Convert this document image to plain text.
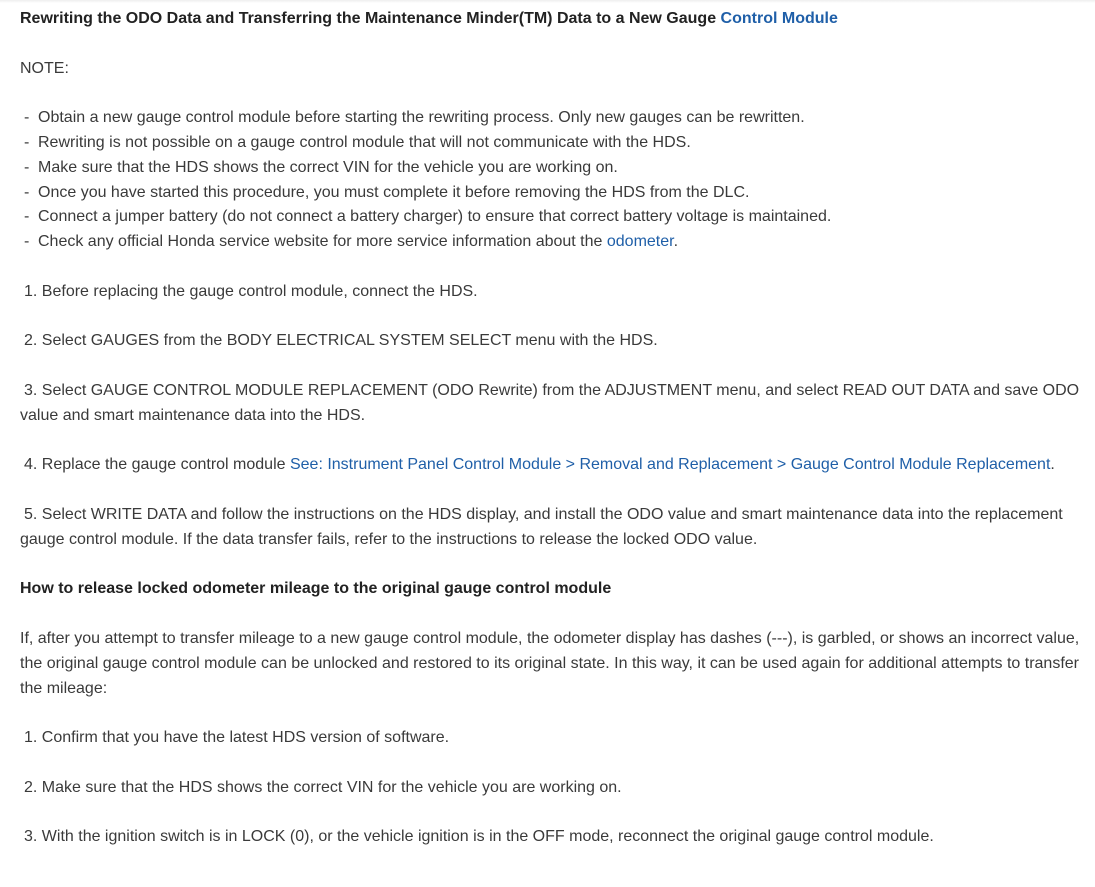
Rewriting the ODO Data and Transferring the Maintenance Minder(TM) Data to a New Gauge Control Module

NOTE:

- Obtain a new gauge control module before starting the rewriting process. Only new gauges can be rewritten.
- Rewriting is not possible on a gauge control module that will not communicate with the HDS.
- Make sure that the HDS shows the correct VIN for the vehicle you are working on.
- Once you have started this procedure, you must complete it before removing the HDS from the DLC.
- Connect a jumper battery (do not connect a battery charger) to ensure that correct battery voltage is maintained.
- Check any official Honda service website for more service information about the odometer.

1. Before replacing the gauge control module, connect the HDS.

2. Select GAUGES from the BODY ELECTRICAL SYSTEM SELECT menu with the HDS.

3. Select GAUGE CONTROL MODULE REPLACEMENT (ODO Rewrite) from the ADJUSTMENT menu, and select READ OUT DATA and save ODO value and smart maintenance data into the HDS.

4. Replace the gauge control module See: Instrument Panel Control Module > Removal and Replacement > Gauge Control Module Replacement.

5. Select WRITE DATA and follow the instructions on the HDS display, and install the ODO value and smart maintenance data into the replacement gauge control module. If the data transfer fails, refer to the instructions to release the locked ODO value.

How to release locked odometer mileage to the original gauge control module

If, after you attempt to transfer mileage to a new gauge control module, the odometer display has dashes (---), is garbled, or shows an incorrect value, the original gauge control module can be unlocked and restored to its original state. In this way, it can be used again for additional attempts to transfer the mileage:

1. Confirm that you have the latest HDS version of software.

2. Make sure that the HDS shows the correct VIN for the vehicle you are working on.

3. With the ignition switch is in LOCK (0), or the vehicle ignition is in the OFF mode, reconnect the original gauge control module.
